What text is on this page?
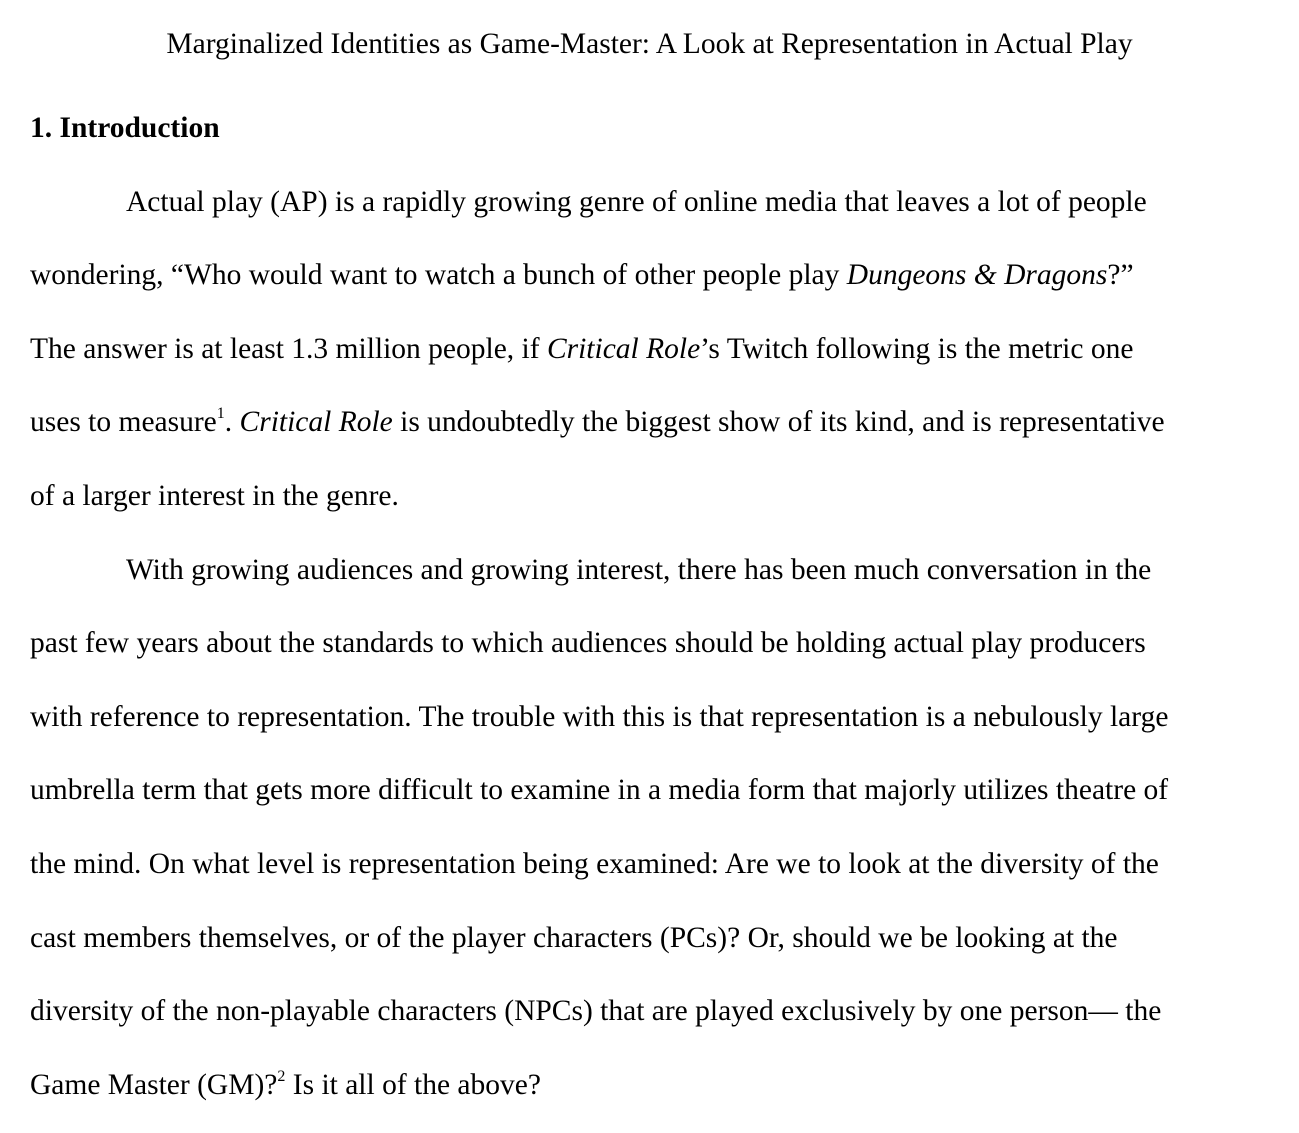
Marginalized Identities as Game-Master: A Look at Representation in Actual Play
1. Introduction
Actual play (AP) is a rapidly growing genre of online media that leaves a lot of people
wondering, “Who would want to watch a bunch of other people play Dungeons & Dragons?”
The answer is at least 1.3 million people, if Critical Role’s Twitch following is the metric one
uses to measure$^1$. Critical Role is undoubtedly the biggest show of its kind, and is representative
of a larger interest in the genre.
With growing audiences and growing interest, there has been much conversation in the
past few years about the standards to which audiences should be holding actual play producers
with reference to representation. The trouble with this is that representation is a nebulously large
umbrella term that gets more difficult to examine in a media form that majorly utilizes theatre of
the mind. On what level is representation being examined: Are we to look at the diversity of the
cast members themselves, or of the player characters (PCs)? Or, should we be looking at the
diversity of the non-playable characters (NPCs) that are played exclusively by one person— the
Game Master (GM)?$^2$ Is it all of the above?
